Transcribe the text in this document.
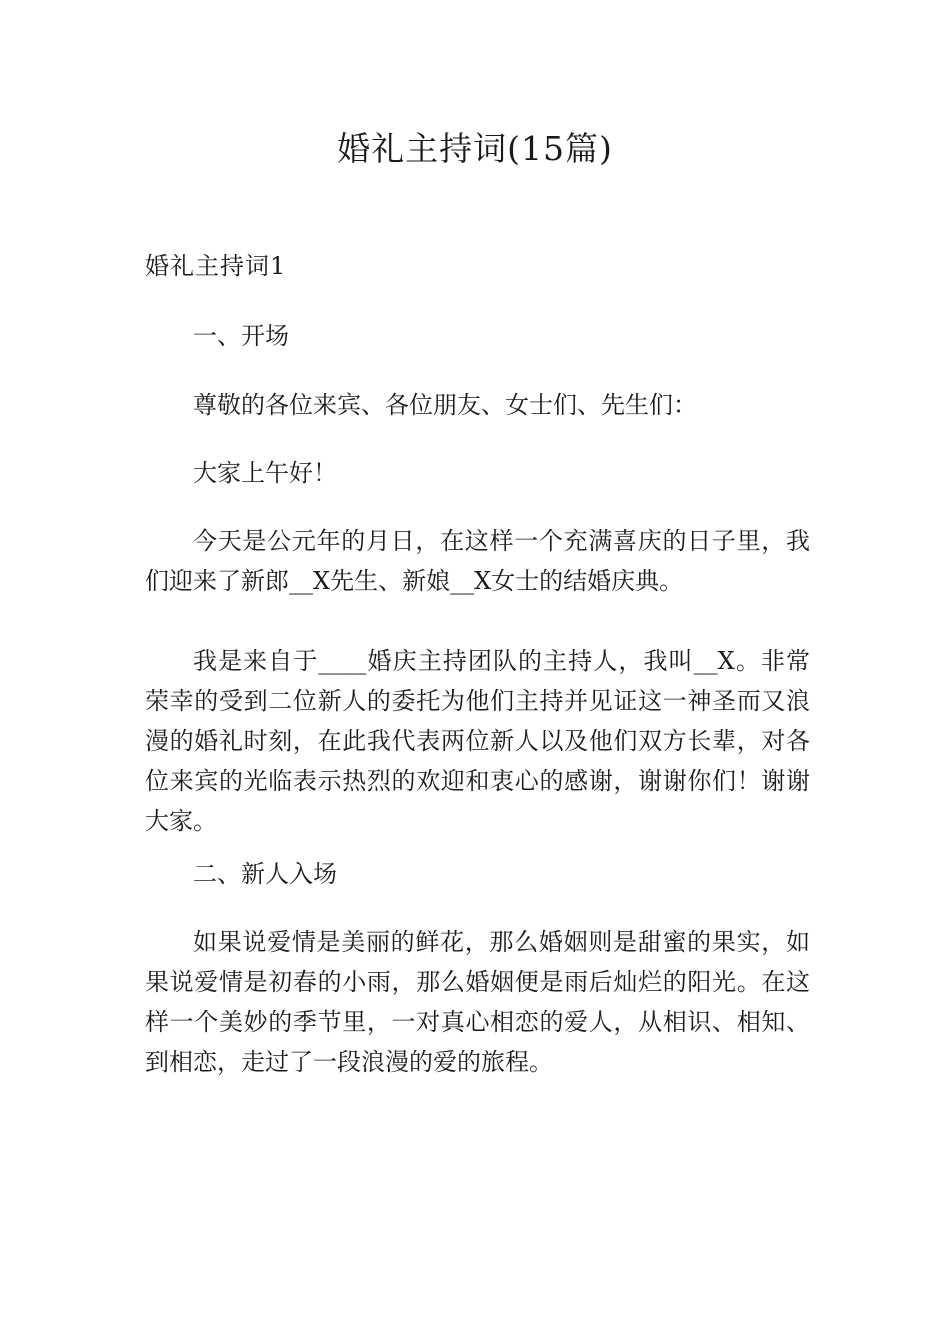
婚礼主持词(15篇)
婚礼主持词1

一、开场

尊敬的各位来宾、各位朋友、女士们、先生们：

大家上午好！

今天是公元年的月日，在这样一个充满喜庆的日子里，我们迎来了新郎__X先生、新娘__X女士的结婚庆典。

我是来自于____婚庆主持团队的主持人，我叫__X。非常荣幸的受到二位新人的委托为他们主持并见证这一神圣而又浪漫的婚礼时刻，在此我代表两位新人以及他们双方长辈，对各位来宾的光临表示热烈的欢迎和衷心的感谢，谢谢你们！谢谢大家。

二、新人入场

如果说爱情是美丽的鲜花，那么婚姻则是甜蜜的果实，如果说爱情是初春的小雨，那么婚姻便是雨后灿烂的阳光。在这样一个美妙的季节里，一对真心相恋的爱人，从相识、相知、到相恋，走过了一段浪漫的爱的旅程。
